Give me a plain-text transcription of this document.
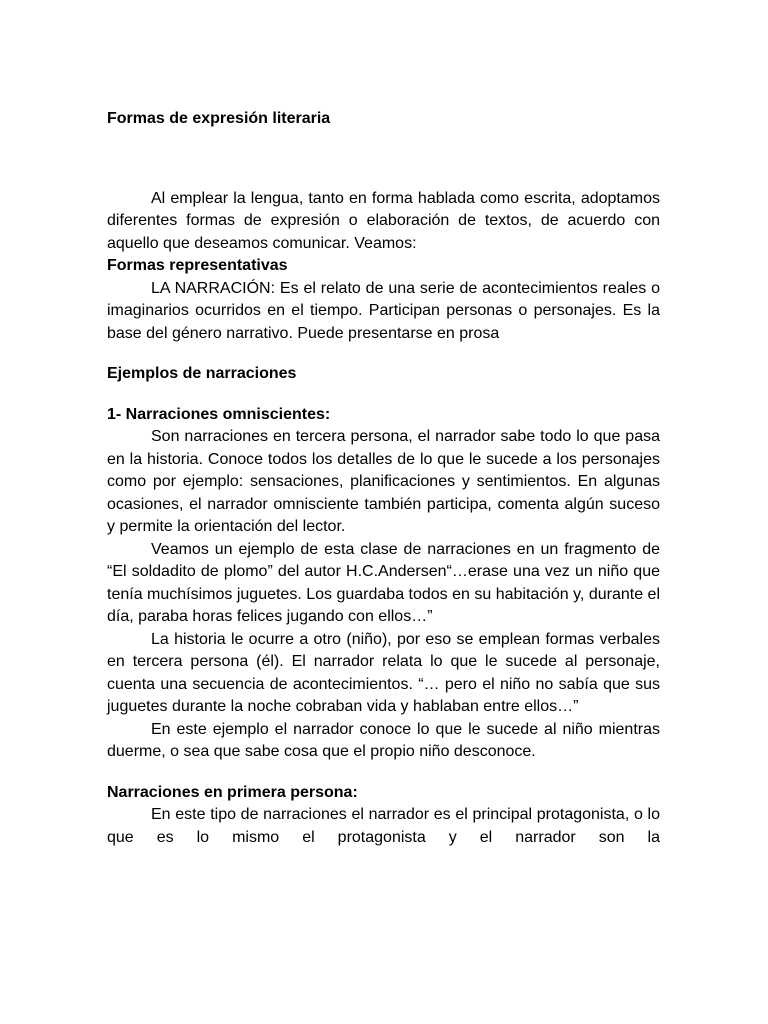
Formas de expresión literaria

Al emplear la lengua, tanto en forma hablada como escrita, adoptamos diferentes formas de expresión o elaboración de textos, de acuerdo con aquello que deseamos comunicar. Veamos:

Formas representativas

LA NARRACIÓN: Es el relato de una serie de acontecimientos reales o imaginarios ocurridos en el tiempo. Participan personas o personajes. Es la base del género narrativo. Puede presentarse en prosa

Ejemplos de narraciones

1- Narraciones omniscientes:

Son narraciones en tercera persona, el narrador sabe todo lo que pasa en la historia. Conoce todos los detalles de lo que le sucede a los personajes como por ejemplo: sensaciones, planificaciones y sentimientos. En algunas ocasiones, el narrador omnisciente también participa, comenta algún suceso y permite la orientación del lector.

Veamos un ejemplo de esta clase de narraciones en un fragmento de “El soldadito de plomo” del autor H.C.Andersen“…erase una vez un niño que tenía muchísimos juguetes. Los guardaba todos en su habitación y, durante el día, paraba horas felices jugando con ellos…”

La historia le ocurre a otro (niño), por eso se emplean formas verbales en tercera persona (él). El narrador relata lo que le sucede al personaje, cuenta una secuencia de acontecimientos. “… pero el niño no sabía que sus juguetes durante la noche cobraban vida y hablaban entre ellos…”

En este ejemplo el narrador conoce lo que le sucede al niño mientras duerme, o sea que sabe cosa que el propio niño desconoce.

Narraciones en primera persona:

En este tipo de narraciones el narrador es el principal protagonista, o lo que es lo mismo el protagonista y el narrador son la
